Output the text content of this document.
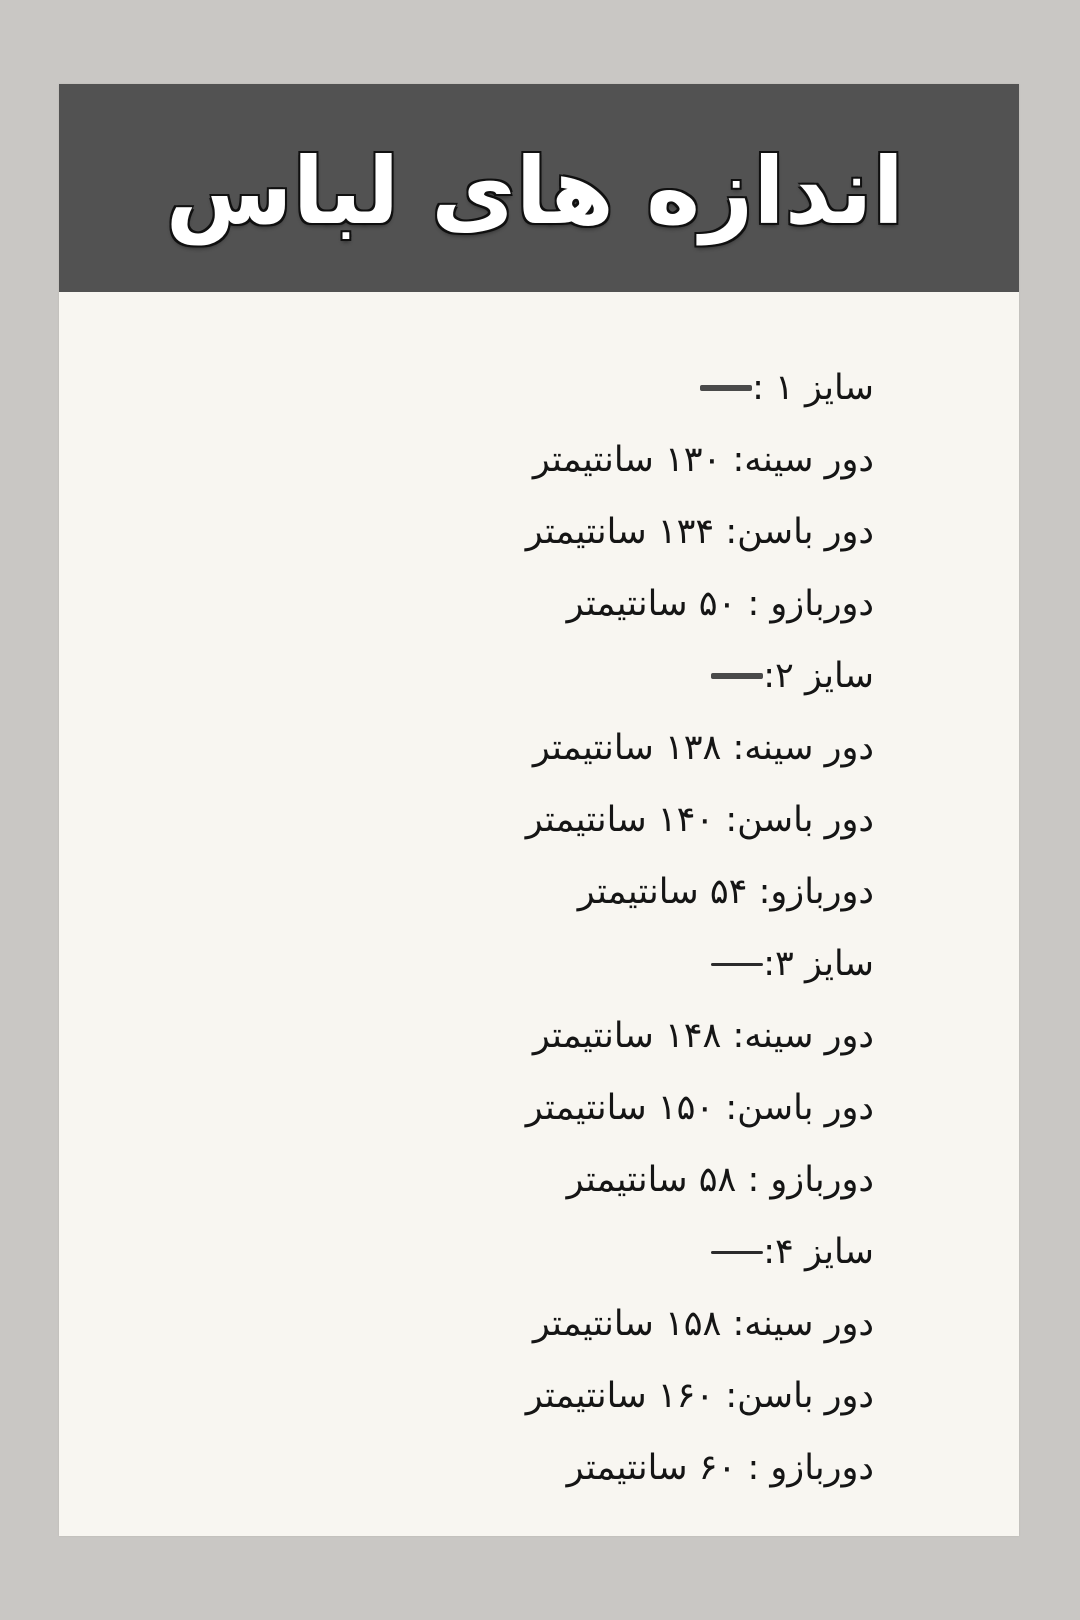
اندازه های لباس
سایز ۱ :
دور سینه: ۱۳۰ سانتیمتر
دور باسن: ۱۳۴ سانتیمتر
دوربازو : ۵۰ سانتیمتر
سایز ۲:
دور سینه: ۱۳۸ سانتیمتر
دور باسن: ۱۴۰ سانتیمتر
دوربازو: ۵۴ سانتیمتر
سایز ۳:
دور سینه: ۱۴۸ سانتیمتر
دور باسن: ۱۵۰ سانتیمتر
دوربازو : ۵۸ سانتیمتر
سایز ۴:
دور سینه: ۱۵۸ سانتیمتر
دور باسن: ۱۶۰ سانتیمتر
دوربازو : ۶۰ سانتیمتر
